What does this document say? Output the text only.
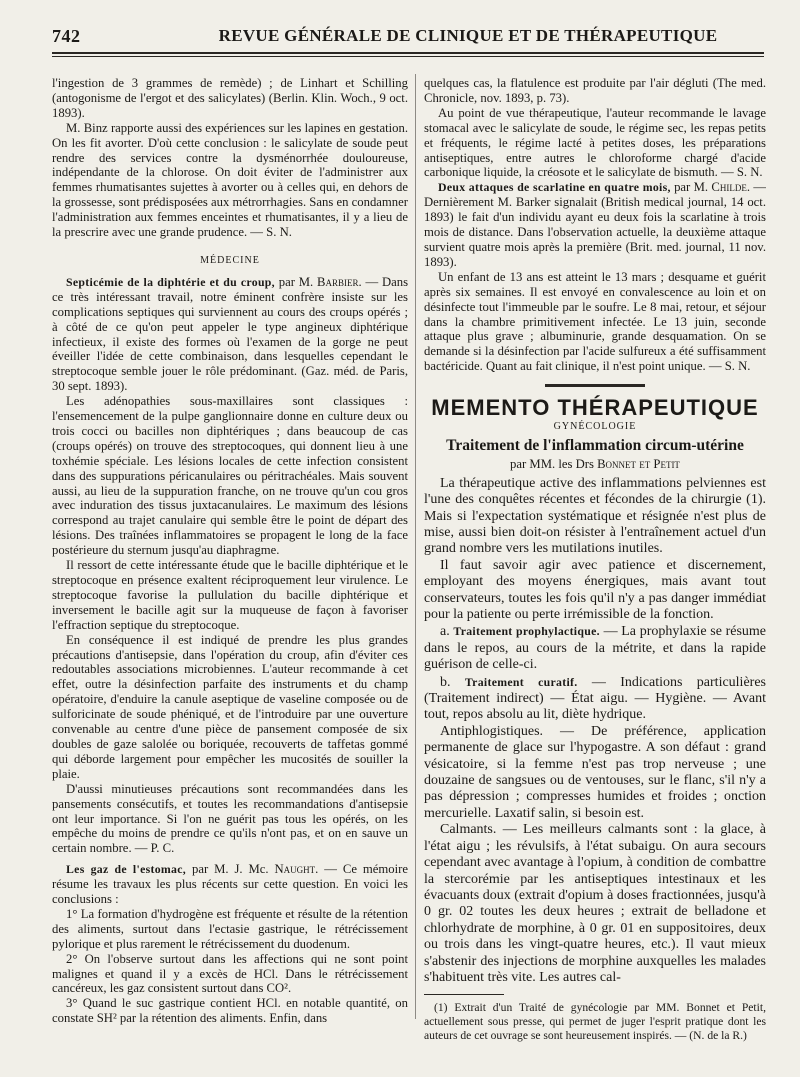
742	REVUE GÉNÉRALE DE CLINIQUE ET DE THÉRAPEUTIQUE

l'ingestion de 3 grammes de remède) ; de Linhart et Schilling (antogonisme de l'ergot et des salicylates) (Berlin. Klin. Woch., 9 oct. 1893).

M. Binz rapporte aussi des expériences sur les lapines en gestation. On les fit avorter. D'où cette conclusion : le salicylate de soude peut rendre des services contre la dysménorrhée douloureuse, indépendante de la chlorose. On doit éviter de l'administrer aux femmes rhumatisantes sujettes à avorter ou à celles qui, en dehors de la grossesse, sont prédisposées aux métrorrhagies. Sans en condamner l'administration aux femmes enceintes et rhumatisantes, il y a lieu de la prescrire avec une grande prudence. — S. N.

MÉDECINE

Septicémie de la diphtérie et du croup, par M. Barbier. — Dans ce très intéressant travail, notre éminent confrère insiste sur les complications septiques qui surviennent au cours des croups opérés ; à côté de ce qu'on peut appeler le type angineux diphtérique infectieux, il existe des formes où l'examen de la gorge ne peut éveiller l'idée de cette combinaison, dans lesquelles cependant le streptocoque semble jouer le rôle prédominant. (Gaz. méd. de Paris, 30 sept. 1893).

Les adénopathies sous-maxillaires sont classiques : l'ensemencement de la pulpe ganglionnaire donne en culture deux ou trois cocci ou bacilles non diphtériques ; dans beaucoup de cas (croups opérés) on trouve des streptocoques, qui donnent lieu à une toxhémie spéciale. Les lésions locales de cette infection consistent dans des suppurations péricanulaires ou péritrachéales. Mais souvent aussi, au lieu de la suppuration franche, on ne trouve qu'un cou gros avec induration des tissus juxtacanulaires. Le maximum des lésions correspond au trajet canulaire qui semble être le point de départ des lésions. Des traînées inflammatoires se propagent le long de la face postérieure du sternum jusqu'au diaphragme.

Il ressort de cette intéressante étude que le bacille diphtérique et le streptocoque en présence exaltent réciproquement leur virulence. Le streptocoque favorise la pullulation du bacille diphtérique et inversement le bacille agit sur la muqueuse de façon à favoriser l'effraction septique du streptocoque.

En conséquence il est indiqué de prendre les plus grandes précautions d'antisepsie, dans l'opération du croup, afin d'éviter ces redoutables associations microbiennes. L'auteur recommande à cet effet, outre la désinfection parfaite des instruments et du champ opératoire, d'enduire la canule aseptique de vaseline composée ou de sulforicinate de soude phéniqué, et de l'introduire par une ouverture convenable au centre d'une pièce de pansement composée de six doubles de gaze salolée ou boriquée, recouverts de taffetas gommé qui déborde largement pour empêcher les mucosités de souiller la plaie.

D'aussi minutieuses précautions sont recommandées dans les pansements consécutifs, et toutes les recommandations d'antisepsie ont leur importance. Si l'on ne guérit pas tous les opérés, on les empêche du moins de prendre ce qu'ils n'ont pas, et on en sauve un certain nombre. — P. C.

Les gaz de l'estomac, par M. J. Mc. Naught. — Ce mémoire résume les travaux les plus récents sur cette question. En voici les conclusions :

1° La formation d'hydrogène est fréquente et résulte de la rétention des aliments, surtout dans l'ectasie gastrique, le rétrécissement pylorique et plus rarement le rétrécissement du duodenum.

2° On l'observe surtout dans les affections qui ne sont point malignes et quand il y a excès de HCl. Dans le rétrécissement cancéreux, les gaz consistent surtout dans CO².

3° Quand le suc gastrique contient HCl. en notable quantité, on constate SH² par la rétention des aliments. Enfin, dans

quelques cas, la flatulence est produite par l'air dégluti (The med. Chronicle, nov. 1893, p. 73).

Au point de vue thérapeutique, l'auteur recommande le lavage stomacal avec le salicylate de soude, le régime sec, les repas petits et fréquents, le régime lacté à petites doses, les préparations antiseptiques, entre autres le chloroforme chargé d'acide carbonique liquide, la créosote et le salicylate de bismuth. — S. N.

Deux attaques de scarlatine en quatre mois, par M. Childe. — Dernièrement M. Barker signalait (British medical journal, 14 oct. 1893) le fait d'un individu ayant eu deux fois la scarlatine à trois mois de distance. Dans l'observation actuelle, la deuxième attaque survient quatre mois après la première (Brit. med. journal, 11 nov. 1893).

Un enfant de 13 ans est atteint le 13 mars ; desquame et guérit après six semaines. Il est envoyé en convalescence au loin et on désinfecte tout l'immeuble par le soufre. Le 8 mai, retour, et séjour dans la chambre primitivement infectée. Le 13 juin, seconde attaque plus grave ; albuminurie, grande desquamation. On se demande si la désinfection par l'acide sulfureux a été suffisamment bactéricide. Quant au fait clinique, il n'est point unique. — S. N.

MEMENTO THÉRAPEUTIQUE
GYNÉCOLOGIE
Traitement de l'inflammation circum-utérine
par MM. les Drs Bonnet et Petit

La thérapeutique active des inflammations pelviennes est l'une des conquêtes récentes et fécondes de la chirurgie (1). Mais si l'expectation systématique et résignée n'est plus de mise, aussi bien doit-on résister à l'entraînement actuel d'un grand nombre vers les mutilations inutiles.

Il faut savoir agir avec patience et discernement, employant des moyens énergiques, mais avant tout conservateurs, toutes les fois qu'il n'y a pas danger immédiat pour la patiente ou perte irrémissible de la fonction.

a. Traitement prophylactique. — La prophylaxie se résume dans le repos, au cours de la métrite, et dans la rapide guérison de celle-ci.

b. Traitement curatif. — Indications particulières (Traitement indirect) — État aigu. — Hygiène. — Avant tout, repos absolu au lit, diète hydrique.

Antiphlogistiques. — De préférence, application permanente de glace sur l'hypogastre. A son défaut : grand vésicatoire, si la femme n'est pas trop nerveuse ; une douzaine de sangsues ou de ventouses, sur le flanc, s'il n'y a pas dépression ; compresses humides et froides ; onction mercurielle. Laxatif salin, si besoin est.

Calmants. — Les meilleurs calmants sont : la glace, à l'état aigu ; les révulsifs, à l'état subaigu. On aura secours cependant avec avantage à l'opium, à condition de combattre la stercorémie par les antiseptiques intestinaux et les évacuants doux (extrait d'opium à doses fractionnées, jusqu'à 0 gr. 02 toutes les deux heures ; extrait de belladone et chlorhydrate de morphine, à 0 gr. 01 en suppositoires, deux ou trois dans les vingt-quatre heures, etc.). Il vaut mieux s'abstenir des injections de morphine auxquelles les malades s'habituent très vite. Les autres cal-

(1) Extrait d'un Traité de gynécologie par MM. Bonnet et Petit, actuellement sous presse, qui permet de juger l'esprit pratique dont les auteurs de cet ouvrage se sont heureusement inspirés. — (N. de la R.)
